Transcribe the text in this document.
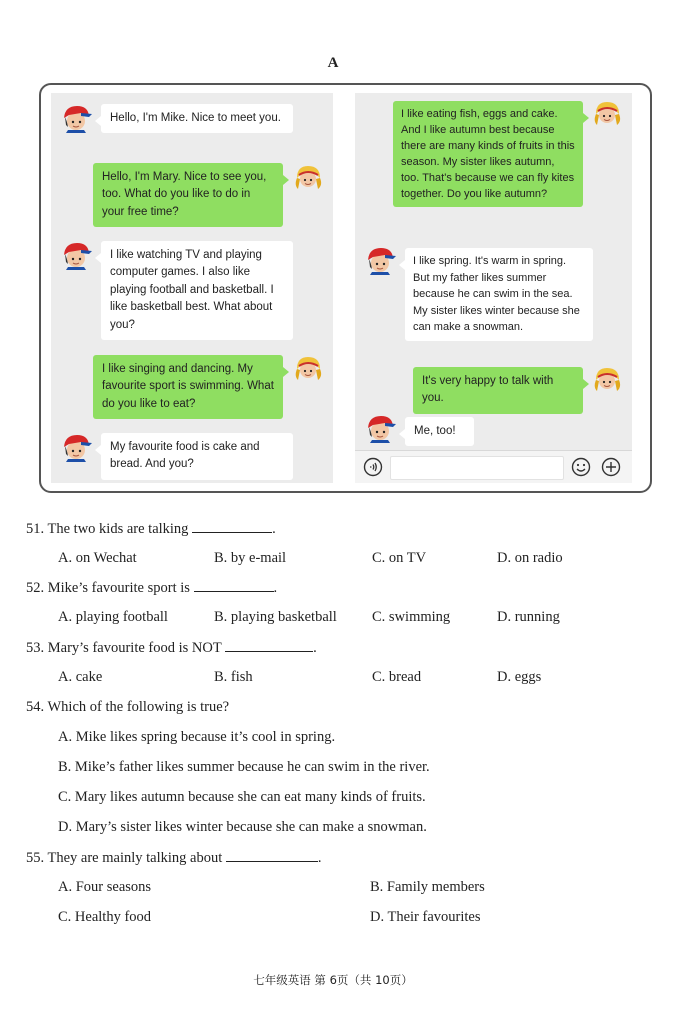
A
Hello, I'm Mike. Nice to meet you.
Hello, I'm Mary. Nice to see you, too. What do you like to do in your free time?
I like watching TV and playing computer games. I also like playing football and basketball. I like basketball best. What about you?
I like singing and dancing. My favourite sport is swimming. What do you like to eat?
My favourite food is cake and bread. And you?
I like eating fish, eggs and cake. And I like autumn best because there are many kinds of fruits in this season. My sister likes autumn, too. That's because we can fly kites together. Do you like autumn?
I like spring. It's warm in spring. But my father likes summer because he can swim in the sea. My sister likes winter because she can make a snowman.
It's very happy to talk with you.
Me, too!
51. The two kids are talking	.
A. on Wechat	B. by e-mail	C. on TV	D. on radio
52. Mike’s favourite sport is	.
A. playing football	B. playing basketball C. swimming	D. running
53. Mary’s favourite food is NOT	.
A. cake	B. fish	C. bread	D. eggs
54. Which of the following is true?
A. Mike likes spring because it’s cool in spring.
B. Mike’s father likes summer because he can swim in the river.
C. Mary likes autumn because she can eat many kinds of fruits.
D. Mary’s sister likes winter because she can make a snowman.
55. They are mainly talking about	.
A. Four seasons	B. Family members
C. Healthy food	D. Their favourites
七年级英语 第 6页（共 10页）
